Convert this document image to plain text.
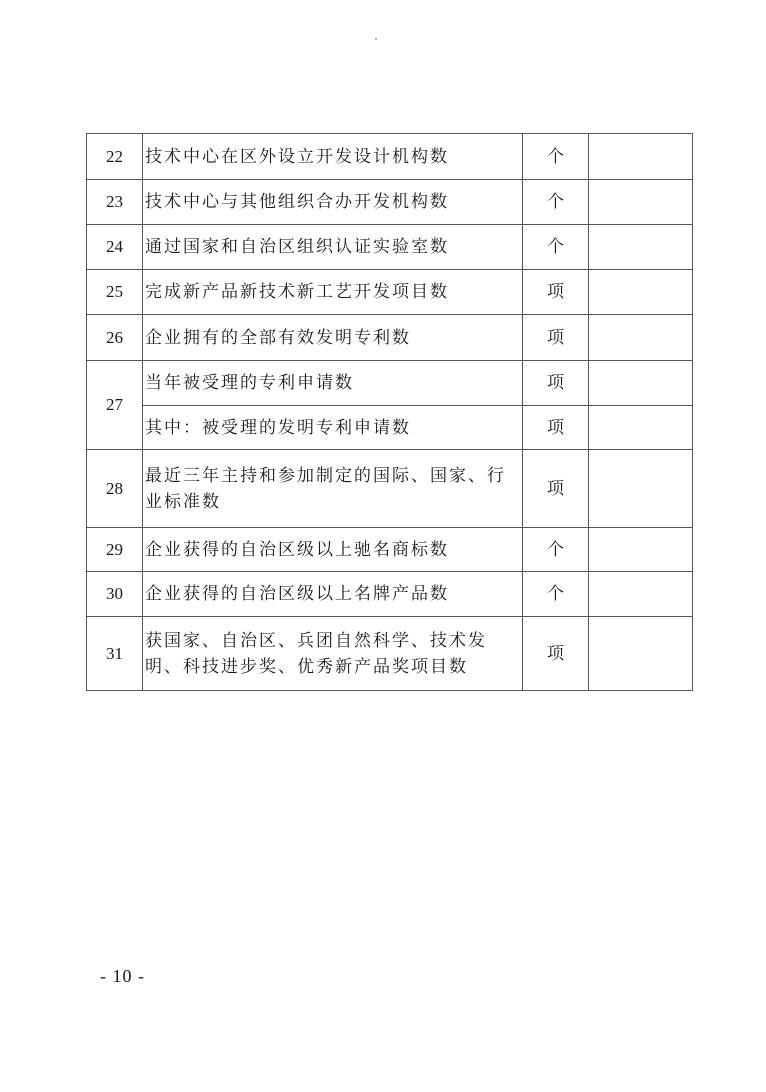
22	技术中心在区外设立开发设计机构数	个	
23	技术中心与其他组织合办开发机构数	个	
24	通过国家和自治区组织认证实验室数	个	
25	完成新产品新技术新工艺开发项目数	项	
26	企业拥有的全部有效发明专利数	项	
27	当年被受理的专利申请数	项	
	其中：被受理的发明专利申请数	项	
28	最近三年主持和参加制定的国际、国家、行业标准数	项	
29	企业获得的自治区级以上驰名商标数	个	
30	企业获得的自治区级以上名牌产品数	个	
31	获国家、自治区、兵团自然科学、技术发明、科技进步奖、优秀新产品奖项目数	项	
- 10 -
